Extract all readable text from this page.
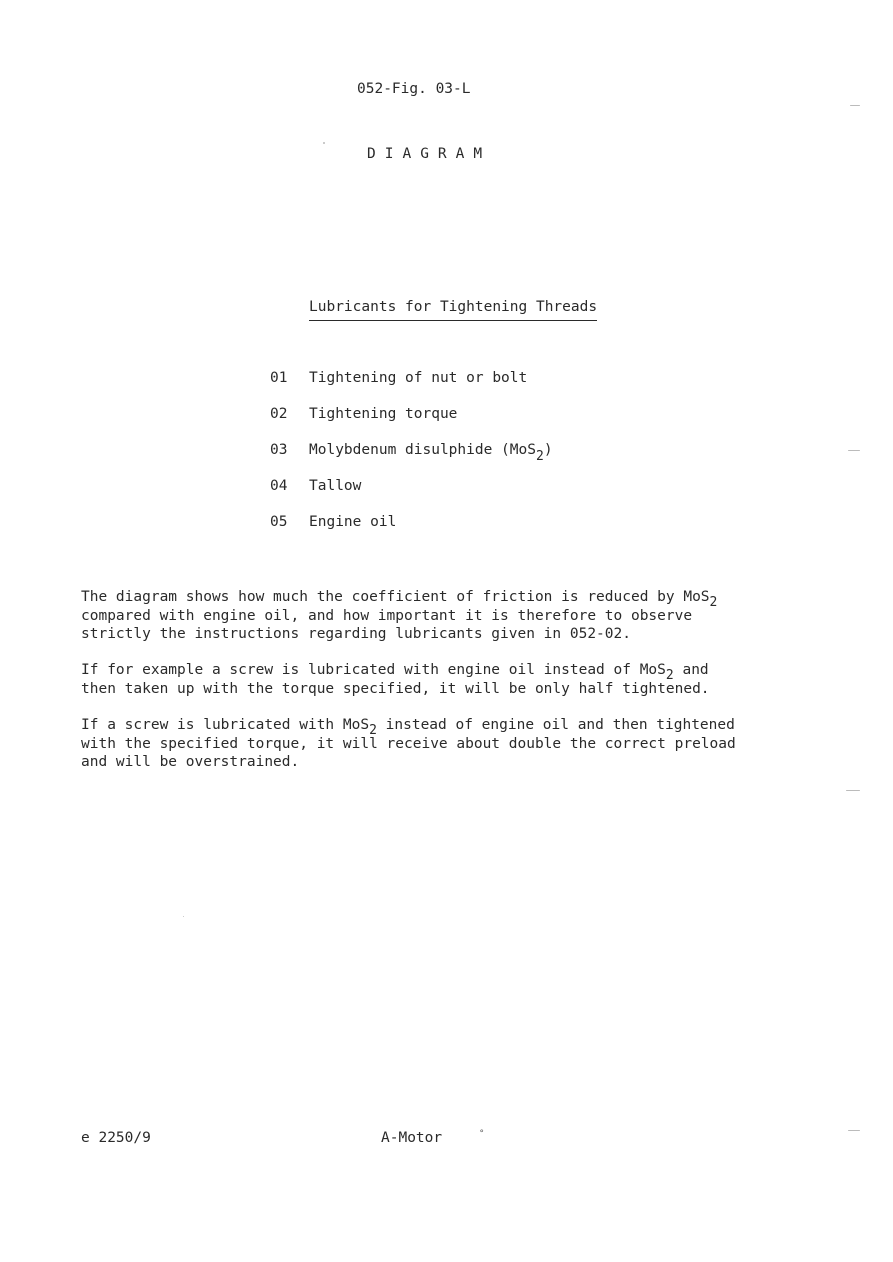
052-Fig. 03-L
DIAGRAM
Lubricants for Tightening Threads
01	Tightening of nut or bolt
02	Tightening torque
03	Molybdenum disulphide (MoS2)
04	Tallow
05	Engine oil
The diagram shows how much the coefficient of friction is reduced by MoS2
compared with engine oil, and how important it is therefore to observe
strictly the instructions regarding lubricants given in 052-02.
If for example a screw is lubricated with engine oil instead of MoS2 and
then taken up with the torque specified, it will be only half tightened.
If a screw is lubricated with MoS2 instead of engine oil and then tightened
with the specified torque, it will receive about double the correct preload
and will be overstrained.
e 2250/9	A-Motor	°
